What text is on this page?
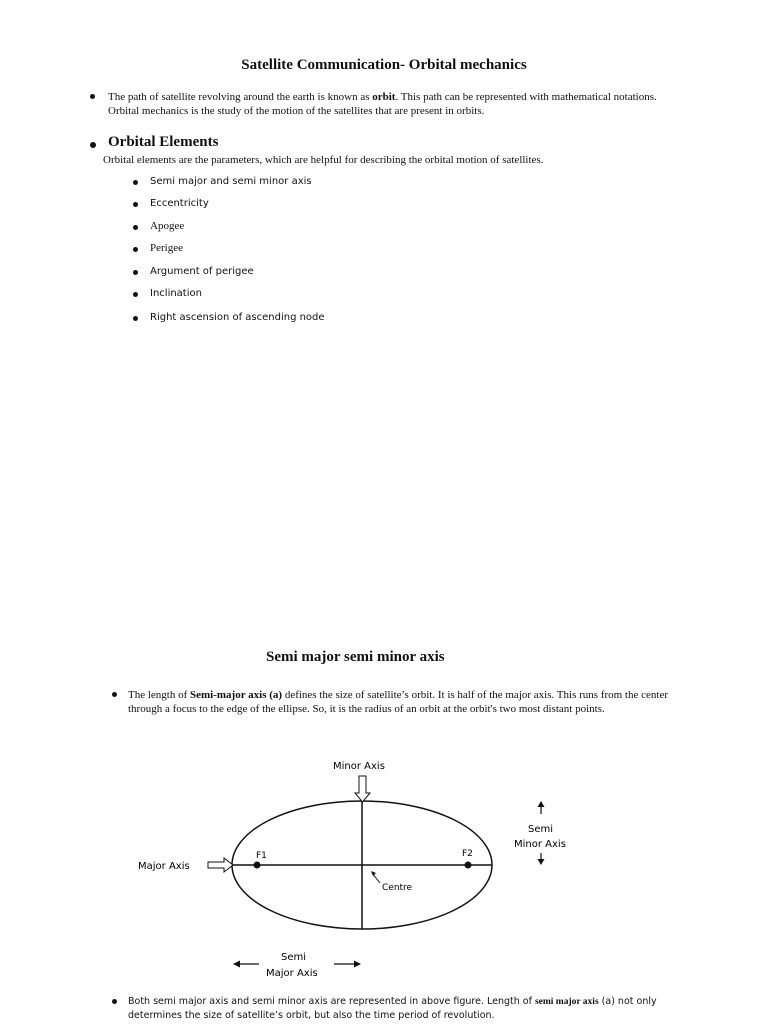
Satellite Communication- Orbital mechanics
The path of satellite revolving around the earth is known as orbit. This path can be represented with mathematical notations.
Orbital mechanics is the study of the motion of the satellites that are present in orbits.
Orbital Elements
Orbital elements are the parameters, which are helpful for describing the orbital motion of satellites.
Semi major and semi minor axis
Eccentricity
Apogee
Perigee
Argument of perigee
Inclination
Right ascension of ascending node
Semi major semi minor axis
The length of Semi-major axis (a) defines the size of satellite’s orbit. It is half of the major axis. This runs from the center
through a focus to the edge of the ellipse. So, it is the radius of an orbit at the orbit's two most distant points.
F1	F2
Minor Axis
Major Axis
Centre
Semi
Minor Axis
Semi
Major Axis
Both semi major axis and semi minor axis are represented in above figure. Length of semi major axis (a) not only
determines the size of satellite’s orbit, but also the time period of revolution.
